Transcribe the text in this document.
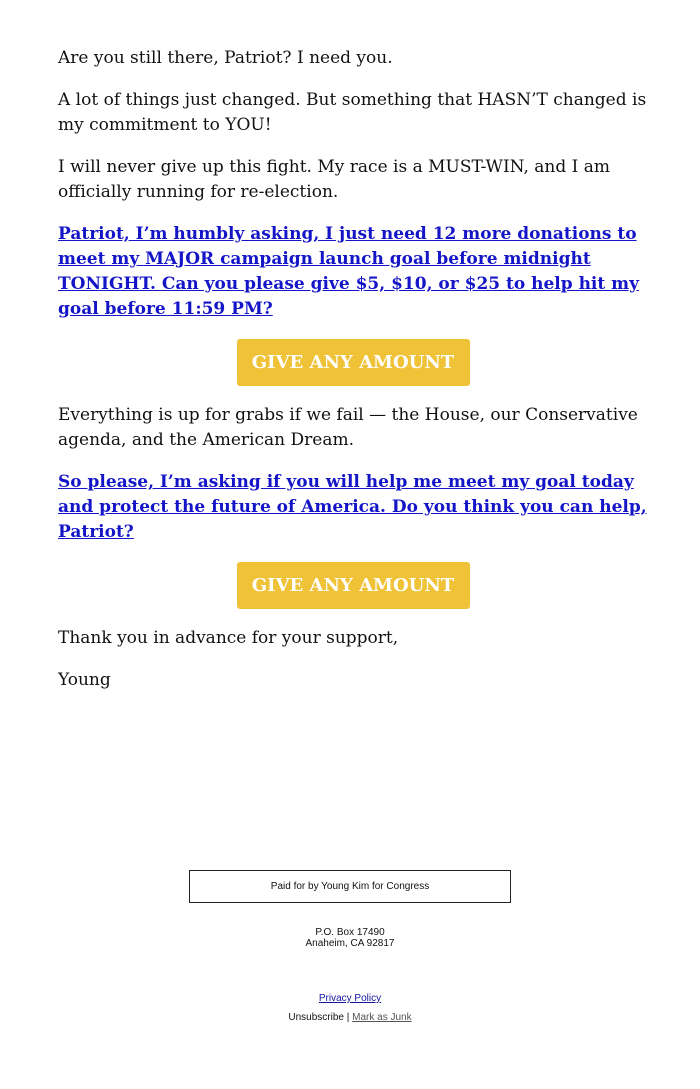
Are you still there, Patriot? I need you.

A lot of things just changed. But something that HASN’T changed is my commitment to YOU!

I will never give up this fight. My race is a MUST-WIN, and I am officially running for re-election.

Patriot, I’m humbly asking, I just need 12 more donations to meet my MAJOR campaign launch goal before midnight TONIGHT. Can you please give $5, $10, or $25 to help hit my goal before 11:59 PM?

GIVE ANY AMOUNT

Everything is up for grabs if we fail — the House, our Conservative agenda, and the American Dream.

So please, I’m asking if you will help me meet my goal today and protect the future of America. Do you think you can help, Patriot?

GIVE ANY AMOUNT

Thank you in advance for your support,

Young

Paid for by Young Kim for Congress
P.O. Box 17490
Anaheim, CA 92817
Privacy Policy
Unsubscribe | Mark as Junk
